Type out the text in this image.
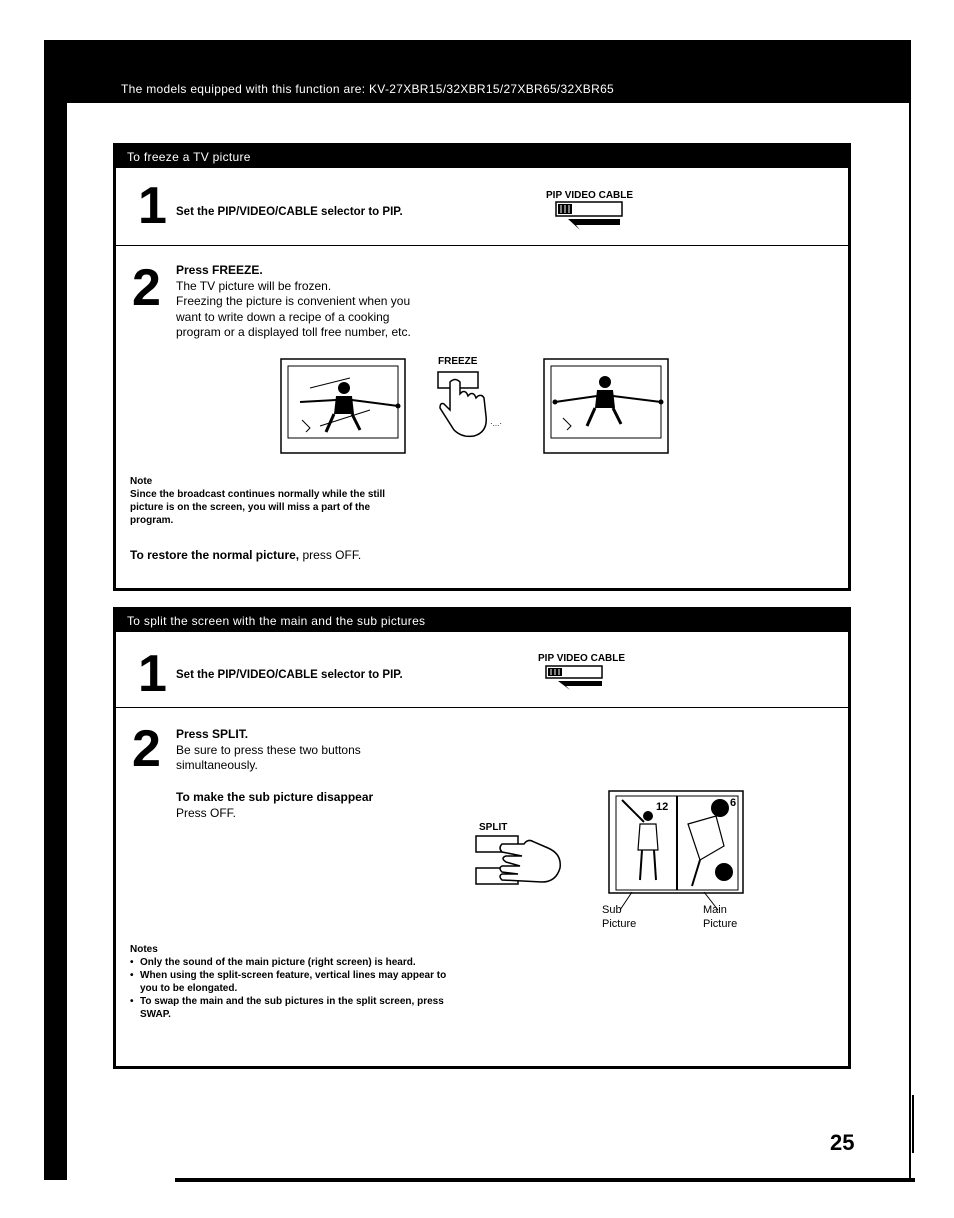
The models equipped with this function are: KV-27XBR15/32XBR15/27XBR65/32XBR65
25
To freeze a TV picture
1 Set the PIP/VIDEO/CABLE selector to PIP.
PIP VIDEO CABLE
2 Press FREEZE.
The TV picture will be frozen.
Freezing the picture is convenient when you
want to write down a recipe of a cooking
program or a displayed toll free number, etc.
FREEZE
·...·
Note
Since the broadcast continues normally while the still
picture is on the screen, you will miss a part of the
program.
To restore the normal picture, press OFF.
To split the screen with the main and the sub pictures
1 Set the PIP/VIDEO/CABLE selector to PIP.
PIP VIDEO CABLE
2 Press SPLIT.
Be sure to press these two buttons
simultaneously.
To make the sub picture disappear
Press OFF.
SPLIT
12	6
Sub
Picture
Main
Picture
Notes
• Only the sound of the main picture (right screen) is heard.
• When using the split-screen feature, vertical lines may appear to you to be elongated.
• To swap the main and the sub pictures in the split screen, press SWAP.
